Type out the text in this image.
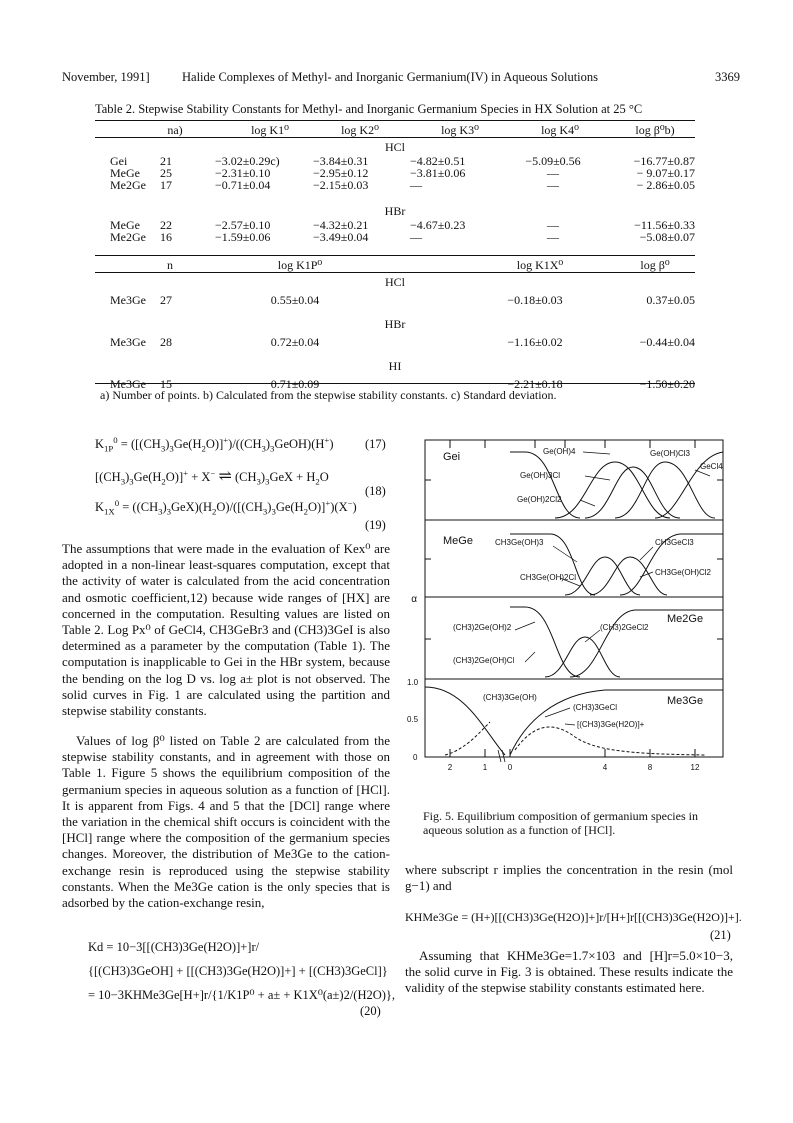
November, 1991]	Halide Complexes of Methyl- and Inorganic Germanium(IV) in Aqueous Solutions	3369
Table 2. Stepwise Stability Constants for Methyl- and Inorganic Germanium Species in HX Solution at 25 °C
na)	log K1⁰	log K2⁰	log K3⁰	log K4⁰	log β⁰b)
HCl
Gei	21	−3.02±0.29c)	−3.84±0.31	−4.82±0.51	−5.09±0.56	−16.77±0.87
MeGe	25	−2.31±0.10	−2.95±0.12	−3.81±0.06	—	− 9.07±0.17
Me2Ge	17	−0.71±0.04	−2.15±0.03	—	—	− 2.86±0.05
HBr
MeGe	22	−2.57±0.10	−4.32±0.21	−4.67±0.23	—	−11.56±0.33
Me2Ge	16	−1.59±0.06	−3.49±0.04	—	—	−5.08±0.07
n	log K1P⁰	log K1X⁰	log β⁰
HCl
Me3Ge	27	0.55±0.04	−0.18±0.03	0.37±0.05
HBr
Me3Ge	28	0.72±0.04	−1.16±0.02	−0.44±0.04
HI
Me3Ge	15	0.71±0.09	−2.21±0.18	−1.50±0.20
a) Number of points. b) Calculated from the stepwise stability constants. c) Standard deviation.
$K_{1P}^0$ = $([(CH_3)_3Ge(H_2O)]^+)/((CH_3)_3GeOH)(H^+)$	(17)
$[(CH_3)_3Ge(H_2O)]^+ + X^-$ ⇌ $(CH_3)_3GeX + H_2O$
(18)
$K_{1X}^0 = ((CH_3)_3GeX)(H_2O)/([(CH_3)_3Ge(H_2O)]^+)(X^-)$
(19)
The assumptions that were made in the evaluation of Kex⁰ are adopted in a non-linear least-squares computation, except that the activity of water is calculated from the acid concentration and osmotic coefficient,12) because wide ranges of [HX] are concerned in the computation. Resulting values are listed on Table 2. Log Px⁰ of GeCl4, CH3GeBr3 and (CH3)3GeI is also determined as a parameter by the computation (Table 1). The computation is inapplicable to Gei in the HBr system, because the bending on the log D vs. log a± plot is not observed. The solid curves in Fig. 1 are calculated using the partition and stepwise stability constants.
Values of log β⁰ listed on Table 2 are calculated from the stepwise stability constants, and in agreement with those on Table 1. Figure 5 shows the equilibrium composition of the germanium species in aqueous solution as a function of [HCl]. It is apparent from Figs. 4 and 5 that the [DCl] range where the variation in the chemical shift occurs is coincident with the [HCl] range where the composition of the germanium species changes. Moreover, the distribution of Me3Ge to the cation-exchange resin is reproduced using the stepwise stability constants. When the Me3Ge cation is the only species that is adsorbed by the cation-exchange resin,
Kd = 10−3[[(CH3)3Ge(H2O)]+]r/
{[(CH3)3GeOH] + [[(CH3)3Ge(H2O)]+] + [(CH3)3GeCl]}
= 10−3KHMe3Ge[H+]r/{1/K1P⁰ + a± + K1X⁰(a±)2/(H2O)},
(20)
Gei
MeGe
Me2Ge
Me3Ge
Ge(OH)4	Ge(OH)Cl3
GeCl4
Ge(OH)3Cl
Ge(OH)2Cl2
CH3Ge(OH)3	CH3GeCl3
CH3Ge(OH)Cl2
CH3Ge(OH)2Cl
(CH3)2Ge(OH)2	(CH3)2GeCl2
(CH3)2Ge(OH)Cl
(CH3)3Ge(OH)
(CH3)3GeCl
[(CH3)3Ge(H2O)]+
1.0
0.5
0
α
2	1	0	4	8	12
Fig. 5. Equilibrium composition of germanium species in aqueous solution as a function of [HCl].
where subscript r implies the concentration in the resin (mol g−1) and
KHMe3Ge = (H+)[[(CH3)3Ge(H2O)]+]r/[H+]r[[(CH3)3Ge(H2O)]+].
(21)
Assuming that KHMe3Ge=1.7×103 and [H]r=5.0×10−3, the solid curve in Fig. 3 is obtained. These results indicate the validity of the stepwise stability constants estimated here.
